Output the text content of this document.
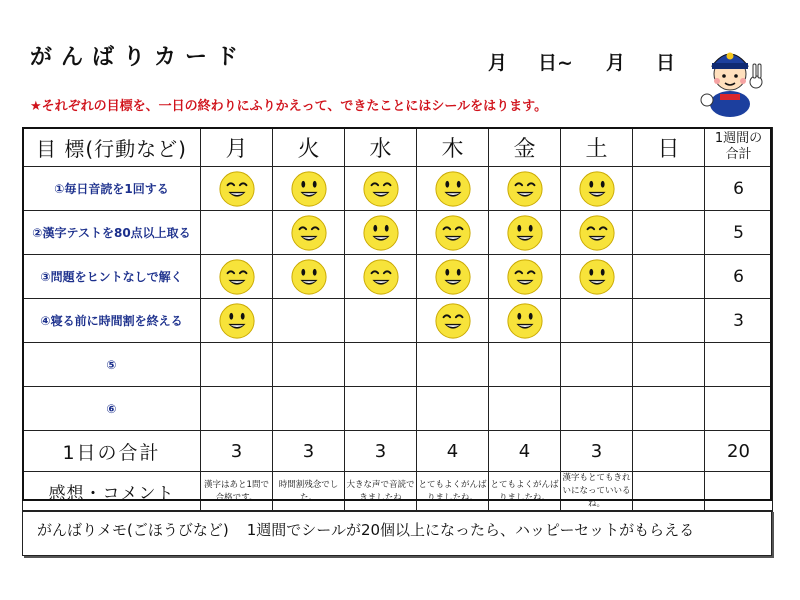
がんばりカード	月 日~ 月 日
★それぞれの目標を、一日の終わりにふりかえって、できたことにはシールをはります。
目 標(行動など)	月	火	水	木	金	土	日	1週間の
合計

①毎日音読を1回する								6
②漢字テストを80点以上取る								5
③問題をヒントなしで解く								6
④寝る前に時間割を終える								3
⑤								
⑥								
1日の合計	3	3	3	4	4	3		20
感想・コメント	漢字はあと1問で合格です。	時間割残念でした。	大きな声で音読できましたね	とてもよくがんばりましたね。	とてもよくがんばりましたね。	漢字もとてもきれいになっていいるね。		
がんばりメモ(ごほうびなど) 1週間でシールが20個以上になったら、ハッピーセットがもらえる
